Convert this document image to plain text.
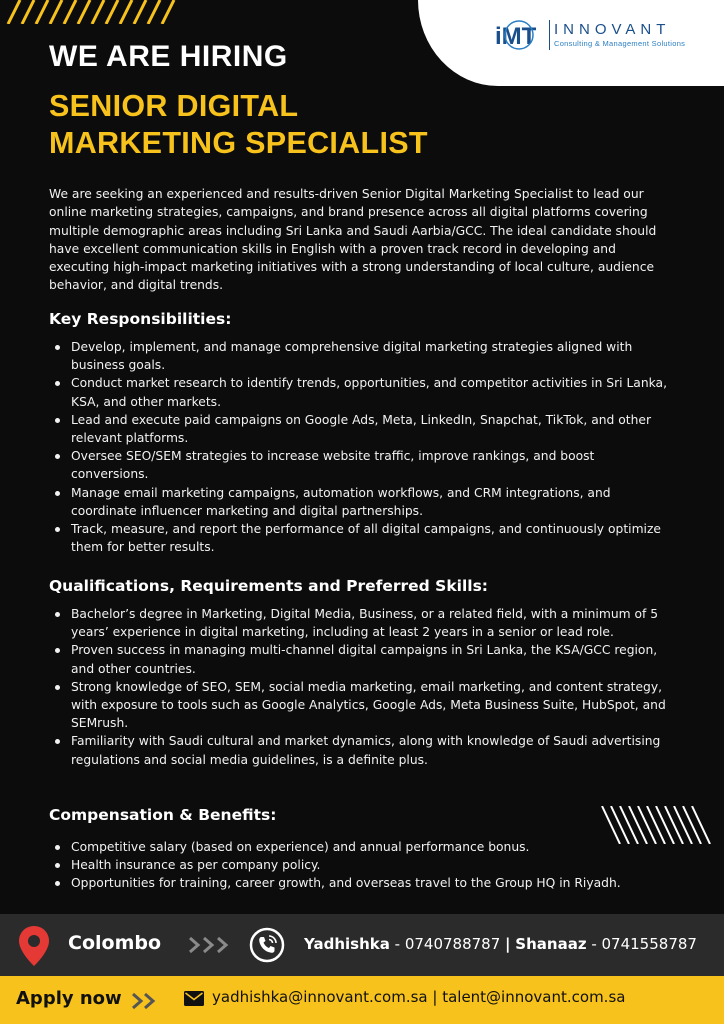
iMT INNOVANT
Consulting & Management Solutions
WE ARE HIRING
SENIOR DIGITAL
MARKETING SPECIALIST

We are seeking an experienced and results-driven Senior Digital Marketing Specialist to lead our online marketing strategies, campaigns, and brand presence across all digital platforms covering multiple demographic areas including Sri Lanka and Saudi Aarbia/GCC. The ideal candidate should have excellent communication skills in English with a proven track record in developing and executing high-impact marketing initiatives with a strong understanding of local culture, audience behavior, and digital trends.

Key Responsibilities:
Develop, implement, and manage comprehensive digital marketing strategies aligned with business goals.
Conduct market research to identify trends, opportunities, and competitor activities in Sri Lanka, KSA, and other markets.
Lead and execute paid campaigns on Google Ads, Meta, LinkedIn, Snapchat, TikTok, and other relevant platforms.
Oversee SEO/SEM strategies to increase website traffic, improve rankings, and boost conversions.
Manage email marketing campaigns, automation workflows, and CRM integrations, and coordinate influencer marketing and digital partnerships.
Track, measure, and report the performance of all digital campaigns, and continuously optimize them for better results.
Qualifications, Requirements and Preferred Skills:
Bachelor’s degree in Marketing, Digital Media, Business, or a related field, with a minimum of 5 years’ experience in digital marketing, including at least 2 years in a senior or lead role.
Proven success in managing multi-channel digital campaigns in Sri Lanka, the KSA/GCC region, and other countries.
Strong knowledge of SEO, SEM, social media marketing, email marketing, and content strategy, with exposure to tools such as Google Analytics, Google Ads, Meta Business Suite, HubSpot, and SEMrush.
Familiarity with Saudi cultural and market dynamics, along with knowledge of Saudi advertising regulations and social media guidelines, is a definite plus.
Compensation & Benefits:
Competitive salary (based on experience) and annual performance bonus.
Health insurance as per company policy.
Opportunities for training, career growth, and overseas travel to the Group HQ in Riyadh.
Colombo	Yadhishka - 0740788787 | Shanaaz - 0741558787
Apply now	yadhishka@innovant.com.sa | talent@innovant.com.sa
